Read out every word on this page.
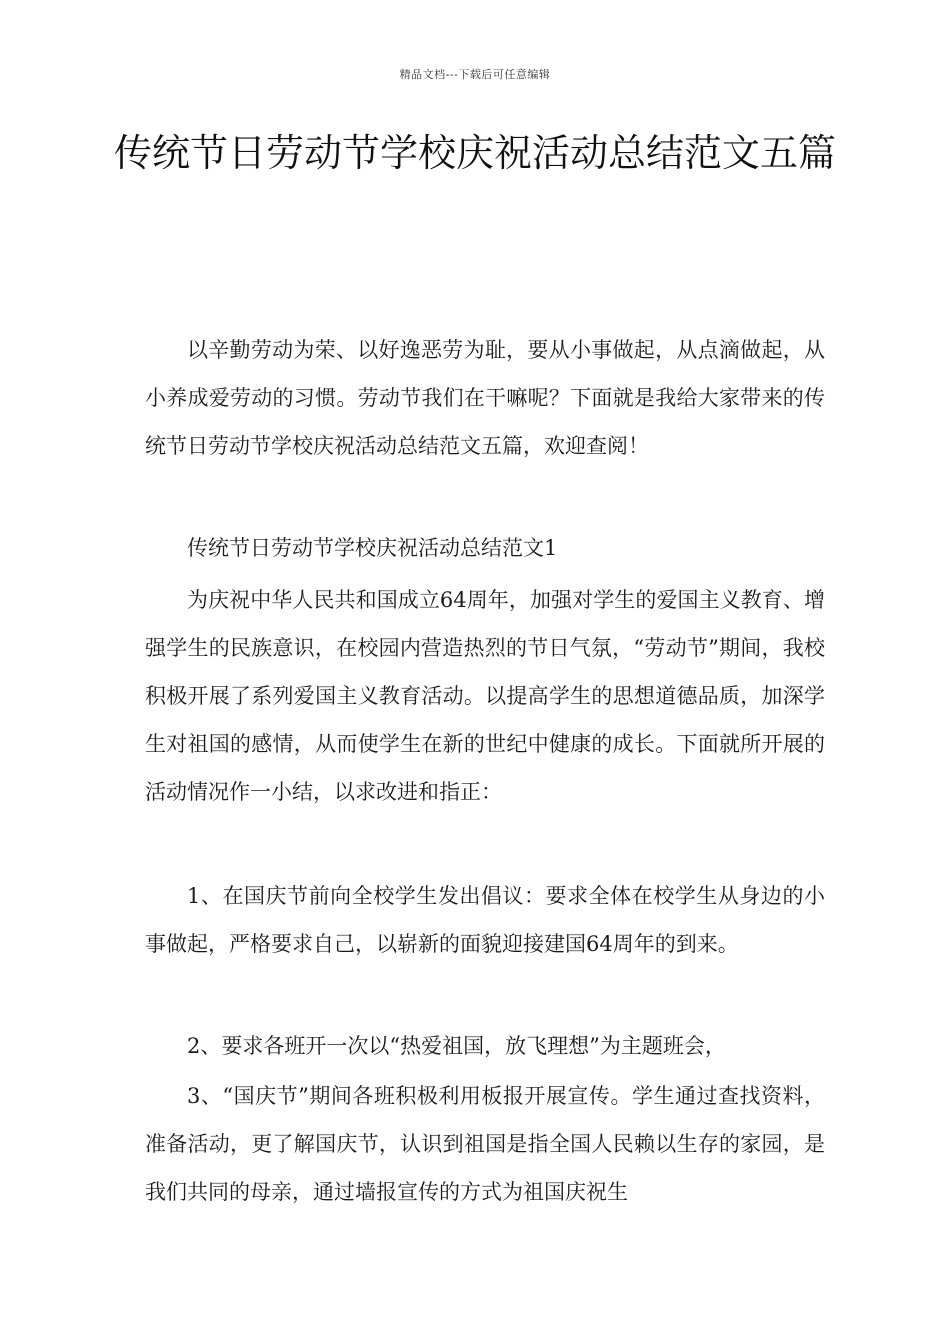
精品文档---下载后可任意编辑
传统节日劳动节学校庆祝活动总结范文五篇

以辛勤劳动为荣、以好逸恶劳为耻，要从小事做起，从点滴做起，从小养成爱劳动的习惯。劳动节我们在干嘛呢？下面就是我给大家带来的传统节日劳动节学校庆祝活动总结范文五篇，欢迎查阅！

传统节日劳动节学校庆祝活动总结范文1

为庆祝中华人民共和国成立64周年，加强对学生的爱国主义教育、增强学生的民族意识，在校园内营造热烈的节日气氛，“劳动节”期间，我校积极开展了系列爱国主义教育活动。以提高学生的思想道德品质，加深学生对祖国的感情，从而使学生在新的世纪中健康的成长。下面就所开展的活动情况作一小结，以求改进和指正：

1、在国庆节前向全校学生发出倡议：要求全体在校学生从身边的小事做起，严格要求自己，以崭新的面貌迎接建国64周年的到来。

2、要求各班开一次以“热爱祖国，放飞理想”为主题班会，

3、“国庆节”期间各班积极利用板报开展宣传。学生通过查找资料，准备活动，更了解国庆节，认识到祖国是指全国人民赖以生存的家园，是我们共同的母亲，通过墙报宣传的方式为祖国庆祝生
